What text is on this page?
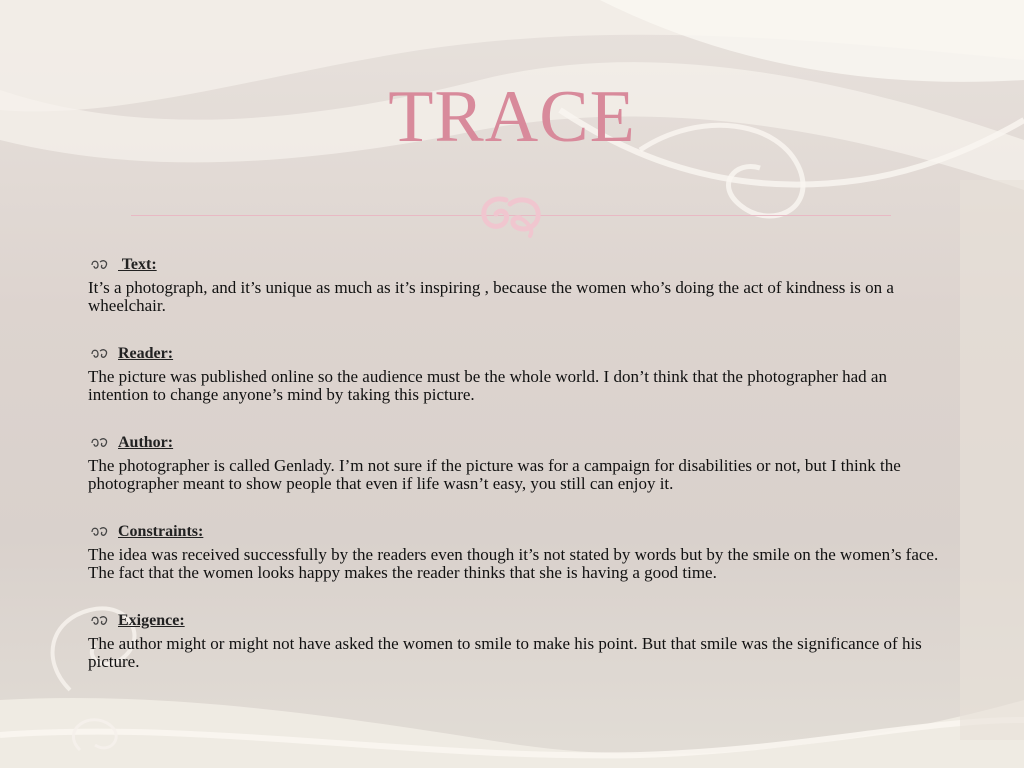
TRACE
Text:
It’s a photograph, and it’s unique as much as it’s inspiring , because the women who’s doing the act of kindness is on a wheelchair.
Reader:
The picture was published online so the audience must be the whole world. I don’t think that the photographer had an intention to change anyone’s mind by taking this picture.
Author:
The photographer is called Genlady. I’m not sure if the picture was for a campaign for disabilities or not, but I think the photographer meant to show people that even if life wasn’t easy, you still can enjoy it.
Constraints:
The idea was received successfully by the readers even though it’s not stated by words but by the smile on the women’s face. The fact that the women looks happy makes the reader thinks that she is having a good time.
Exigence:
The author might or might not have asked the women to smile to make his point. But that smile was the significance of his picture.
